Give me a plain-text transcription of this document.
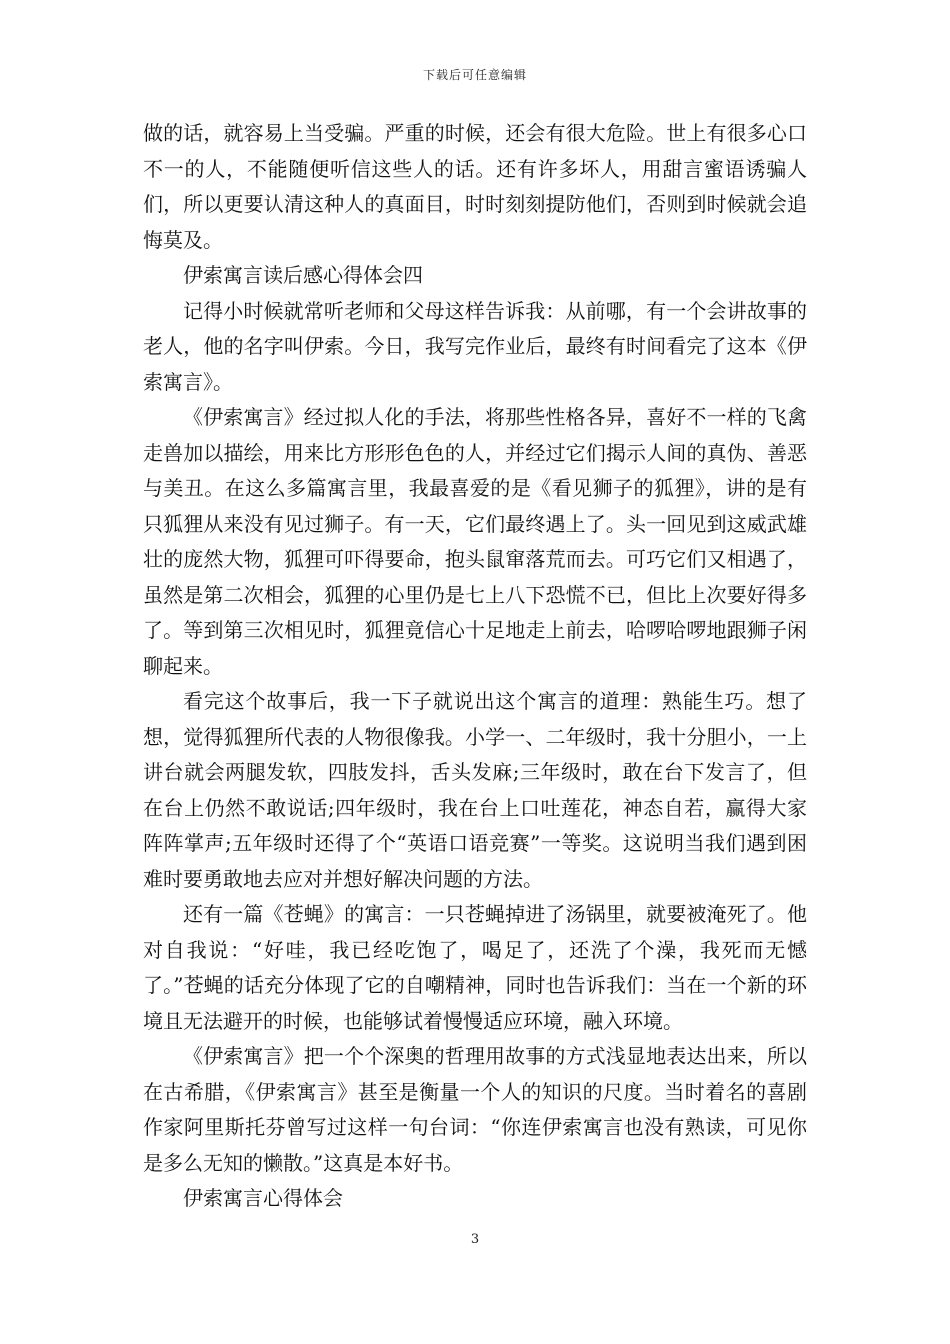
下载后可任意编辑

做的话，就容易上当受骗。严重的时候，还会有很大危险。世上有很多心口不一的人，不能随便听信这些人的话。还有许多坏人，用甜言蜜语诱骗人们，所以更要认清这种人的真面目，时时刻刻提防他们，否则到时候就会追悔莫及。

伊索寓言读后感心得体会四

记得小时候就常听老师和父母这样告诉我：从前哪，有一个会讲故事的老人，他的名字叫伊索。今日，我写完作业后，最终有时间看完了这本《伊索寓言》。

《伊索寓言》经过拟人化的手法，将那些性格各异，喜好不一样的飞禽走兽加以描绘，用来比方形形色色的人，并经过它们揭示人间的真伪、善恶与美丑。在这么多篇寓言里，我最喜爱的是《看见狮子的狐狸》，讲的是有只狐狸从来没有见过狮子。有一天，它们最终遇上了。头一回见到这威武雄壮的庞然大物，狐狸可吓得要命，抱头鼠窜落荒而去。可巧它们又相遇了，虽然是第二次相会，狐狸的心里仍是七上八下恐慌不已，但比上次要好得多了。等到第三次相见时，狐狸竟信心十足地走上前去，哈啰哈啰地跟狮子闲聊起来。

看完这个故事后，我一下子就说出这个寓言的道理：熟能生巧。想了想，觉得狐狸所代表的人物很像我。小学一、二年级时，我十分胆小，一上讲台就会两腿发软，四肢发抖，舌头发麻;三年级时，敢在台下发言了，但在台上仍然不敢说话;四年级时，我在台上口吐莲花，神态自若，赢得大家阵阵掌声;五年级时还得了个“英语口语竞赛”一等奖。这说明当我们遇到困难时要勇敢地去应对并想好解决问题的方法。

还有一篇《苍蝇》的寓言：一只苍蝇掉进了汤锅里，就要被淹死了。他对自我说：“好哇，我已经吃饱了，喝足了，还洗了个澡，我死而无憾了。”苍蝇的话充分体现了它的自嘲精神，同时也告诉我们：当在一个新的环境且无法避开的时候，也能够试着慢慢适应环境，融入环境。

《伊索寓言》把一个个深奥的哲理用故事的方式浅显地表达出来，所以在古希腊，《伊索寓言》甚至是衡量一个人的知识的尺度。当时着名的喜剧作家阿里斯托芬曾写过这样一句台词：“你连伊索寓言也没有熟读，可见你是多么无知的懒散。”这真是本好书。

伊索寓言心得体会

3
